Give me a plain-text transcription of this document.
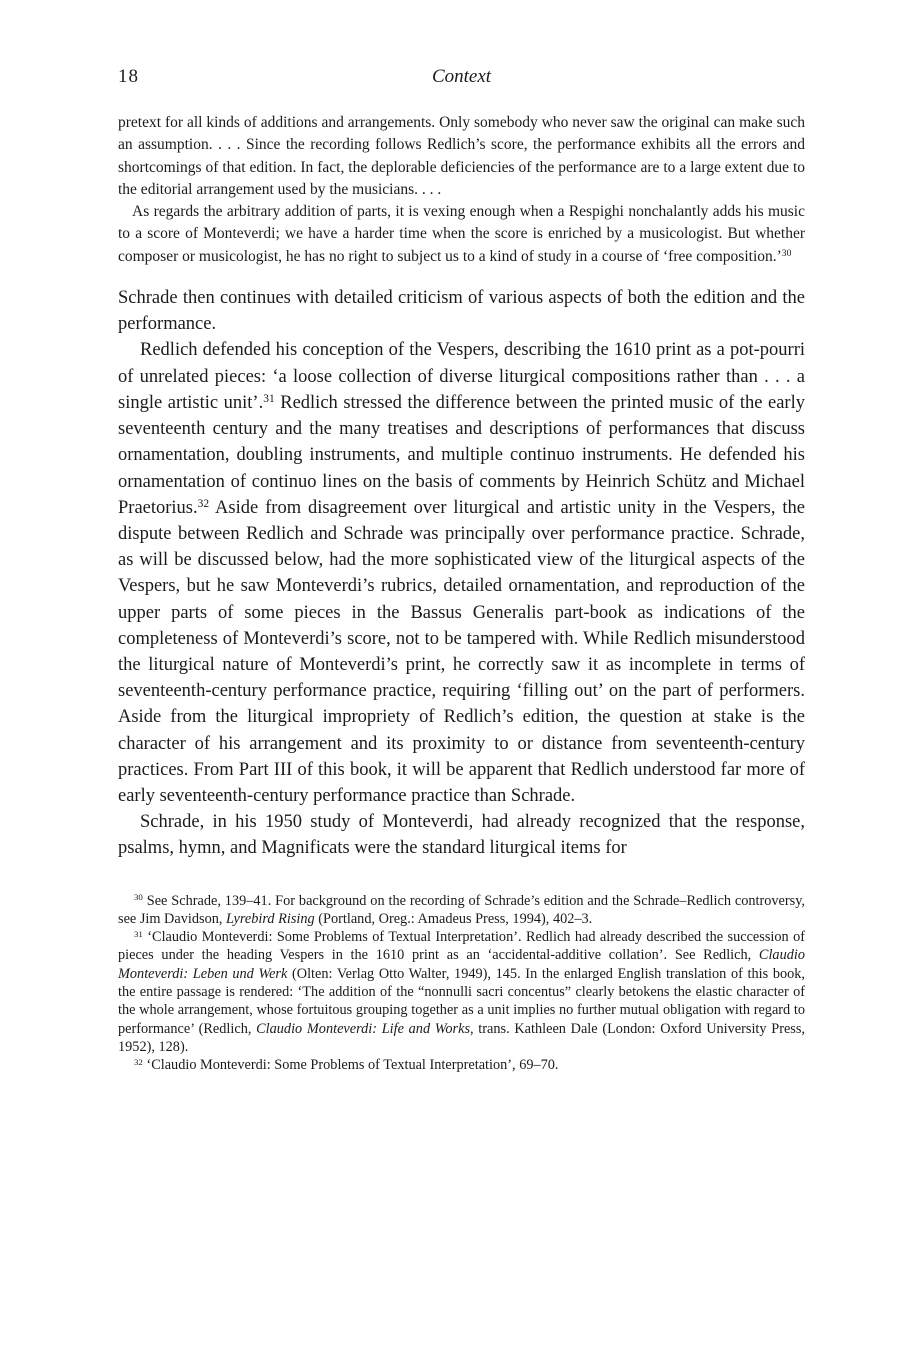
18	Context

pretext for all kinds of additions and arrangements. Only somebody who never saw the original can make such an assumption. . . . Since the recording follows Redlich’s score, the performance exhibits all the errors and shortcomings of that edition. In fact, the deplorable deficiencies of the performance are to a large extent due to the editorial arrangement used by the musicians. . . .

As regards the arbitrary addition of parts, it is vexing enough when a Respighi nonchalantly adds his music to a score of Monteverdi; we have a harder time when the score is enriched by a musicologist. But whether composer or musicologist, he has no right to subject us to a kind of study in a course of ‘free composition.’$^{30}$

Schrade then continues with detailed criticism of various aspects of both the edition and the performance.

Redlich defended his conception of the Vespers, describing the 1610 print as a pot-pourri of unrelated pieces: ‘a loose collection of diverse liturgical compositions rather than . . . a single artistic unit’.$^{31}$ Redlich stressed the difference between the printed music of the early seventeenth century and the many treatises and descriptions of performances that discuss ornamentation, doubling instruments, and multiple continuo instruments. He defended his ornamentation of continuo lines on the basis of comments by Heinrich Schütz and Michael Praetorius.$^{32}$ Aside from disagreement over liturgical and artistic unity in the Vespers, the dispute between Redlich and Schrade was principally over performance practice. Schrade, as will be discussed below, had the more sophisticated view of the liturgical aspects of the Vespers, but he saw Monteverdi’s rubrics, detailed ornamentation, and reproduction of the upper parts of some pieces in the Bassus Generalis part-book as indications of the completeness of Monteverdi’s score, not to be tampered with. While Redlich misunderstood the liturgical nature of Monteverdi’s print, he correctly saw it as incomplete in terms of seventeenth-century performance practice, requiring ‘filling out’ on the part of performers. Aside from the liturgical impropriety of Redlich’s edition, the question at stake is the character of his arrangement and its proximity to or distance from seventeenth-century practices. From Part III of this book, it will be apparent that Redlich understood far more of early seventeenth-century performance practice than Schrade.

Schrade, in his 1950 study of Monteverdi, had already recognized that the response, psalms, hymn, and Magnificats were the standard liturgical items for

$^{30}$ See Schrade, 139–41. For background on the recording of Schrade’s edition and the Schrade–Redlich controversy, see Jim Davidson, Lyrebird Rising (Portland, Oreg.: Amadeus Press, 1994), 402–3.

$^{31}$ ‘Claudio Monteverdi: Some Problems of Textual Interpretation’. Redlich had already described the succession of pieces under the heading Vespers in the 1610 print as an ‘accidental-additive collation’. See Redlich, Claudio Monteverdi: Leben und Werk (Olten: Verlag Otto Walter, 1949), 145. In the enlarged English translation of this book, the entire passage is rendered: ‘The addition of the “nonnulli sacri concentus” clearly betokens the elastic character of the whole arrangement, whose fortuitous grouping together as a unit implies no further mutual obligation with regard to performance’ (Redlich, Claudio Monteverdi: Life and Works, trans. Kathleen Dale (London: Oxford University Press, 1952), 128).

$^{32}$ ‘Claudio Monteverdi: Some Problems of Textual Interpretation’, 69–70.
